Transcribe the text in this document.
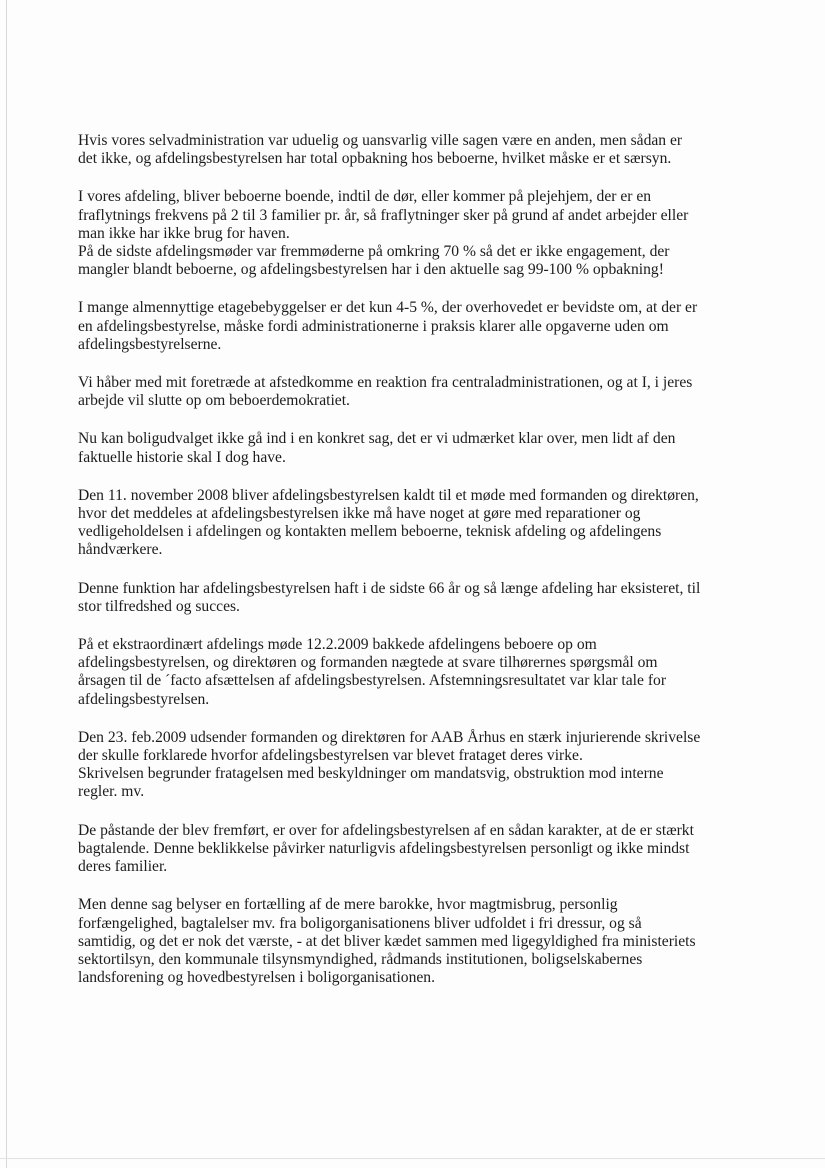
Hvis vores selvadministration var uduelig og uansvarlig ville sagen være en anden, men sådan er
det ikke, og afdelingsbestyrelsen har total opbakning hos beboerne, hvilket måske er et særsyn.

I vores afdeling, bliver beboerne boende, indtil de dør, eller kommer på plejehjem, der er en
fraflytnings frekvens på 2 til 3 familier pr. år, så fraflytninger sker på grund af andet arbejder eller
man ikke har ikke brug for haven.
På de sidste afdelingsmøder var fremmøderne på omkring 70 % så det er ikke engagement, der
mangler blandt beboerne, og afdelingsbestyrelsen har i den aktuelle sag 99-100 % opbakning!

I mange almennyttige etagebebyggelser er det kun 4-5 %, der overhovedet er bevidste om, at der er
en afdelingsbestyrelse, måske fordi administrationerne i praksis klarer alle opgaverne uden om
afdelingsbestyrelserne.

Vi håber med mit foretræde at afstedkomme en reaktion fra centraladministrationen, og at I, i jeres
arbejde vil slutte op om beboerdemokratiet.

Nu kan boligudvalget ikke gå ind i en konkret sag, det er vi udmærket klar over, men lidt af den
faktuelle historie skal I dog have.

Den 11. november 2008 bliver afdelingsbestyrelsen kaldt til et møde med formanden og direktøren,
hvor det meddeles at afdelingsbestyrelsen ikke må have noget at gøre med reparationer og
vedligeholdelsen i afdelingen og kontakten mellem beboerne, teknisk afdeling og afdelingens
håndværkere.

Denne funktion har afdelingsbestyrelsen haft i de sidste 66 år og så længe afdeling har eksisteret, til
stor tilfredshed og succes.

På et ekstraordinært afdelings møde 12.2.2009 bakkede afdelingens beboere op om
afdelingsbestyrelsen, og direktøren og formanden nægtede at svare tilhørernes spørgsmål om
årsagen til de ´facto afsættelsen af afdelingsbestyrelsen. Afstemningsresultatet var klar tale for
afdelingsbestyrelsen.

Den 23. feb.2009 udsender formanden og direktøren for AAB Århus en stærk injurierende skrivelse
der skulle forklarede hvorfor afdelingsbestyrelsen var blevet frataget deres virke.
Skrivelsen begrunder fratagelsen med beskyldninger om mandatsvig, obstruktion mod interne
regler. mv.

De påstande der blev fremført, er over for afdelingsbestyrelsen af en sådan karakter, at de er stærkt
bagtalende. Denne beklikkelse påvirker naturligvis afdelingsbestyrelsen personligt og ikke mindst
deres familier.

Men denne sag belyser en fortælling af de mere barokke, hvor magtmisbrug, personlig
forfængelighed, bagtalelser mv. fra boligorganisationens bliver udfoldet i fri dressur, og så
samtidig, og det er nok det værste, - at det bliver kædet sammen med ligegyldighed fra ministeriets
sektortilsyn, den kommunale tilsynsmyndighed, rådmands institutionen, boligselskabernes
landsforening og hovedbestyrelsen i boligorganisationen.
